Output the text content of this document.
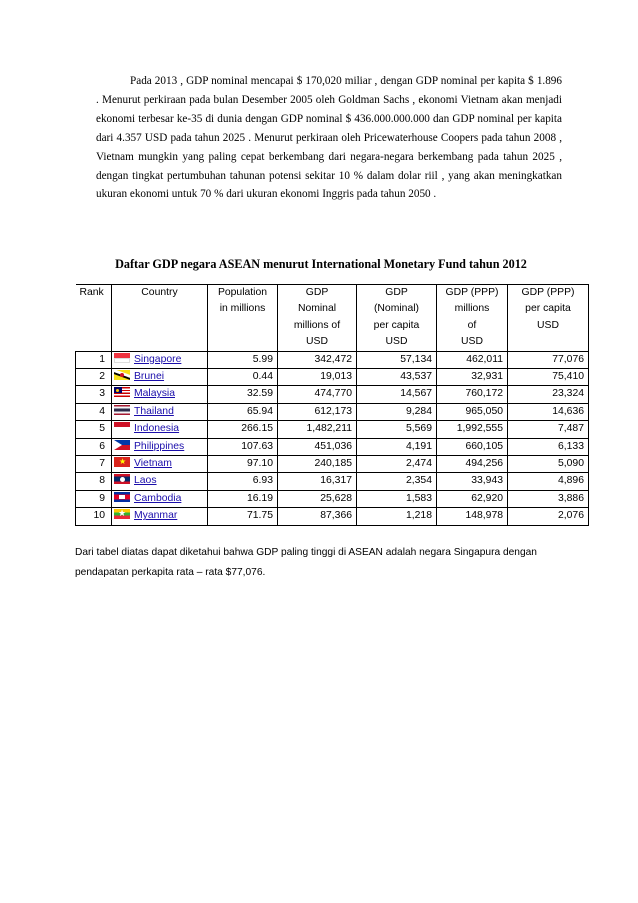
Pada 2013 , GDP nominal mencapai $ 170,020 miliar , dengan GDP nominal per kapita $ 1.896 . Menurut perkiraan pada bulan Desember 2005 oleh Goldman Sachs , ekonomi Vietnam akan menjadi ekonomi terbesar ke-35 di dunia dengan GDP nominal $ 436.000.000.000 dan GDP nominal per kapita dari 4.357 USD pada tahun 2025 . Menurut perkiraan oleh Pricewaterhouse Coopers pada tahun 2008 , Vietnam mungkin yang paling cepat berkembang dari negara-negara berkembang pada tahun 2025 , dengan tingkat pertumbuhan tahunan potensi sekitar 10 % dalam dolar riil , yang akan meningkatkan ukuran ekonomi untuk 70 % dari ukuran ekonomi Inggris pada tahun 2050 .

Daftar GDP negara ASEAN menurut International Monetary Fund tahun 2012
Rank	Country	Population	GDP	GDP	GDP (PPP)	GDP (PPP)
		in millions	Nominal	(Nominal)	millions	per capita
			millions of	per capita	of	USD
			USD	USD	USD	
1	Singapore	5.99	342,472	57,134	462,011	77,076
2	Brunei	0.44	19,013	43,537	32,931	75,410
3	Malaysia	32.59	474,770	14,567	760,172	23,324
4	Thailand	65.94	612,173	9,284	965,050	14,636
5	Indonesia	266.15	1,482,211	5,569	1,992,555	7,487
6	Philippines	107.63	451,036	4,191	660,105	6,133
7	★ Vietnam	97.10	240,185	2,474	494,256	5,090
8	Laos	6.93	16,317	2,354	33,943	4,896
9	Cambodia	16.19	25,628	1,583	62,920	3,886
10	★ Myanmar	71.75	87,366	1,218	148,978	2,076

Dari tabel diatas dapat diketahui bahwa GDP paling tinggi di ASEAN adalah negara Singapura dengan pendapatan perkapita rata – rata $77,076.
